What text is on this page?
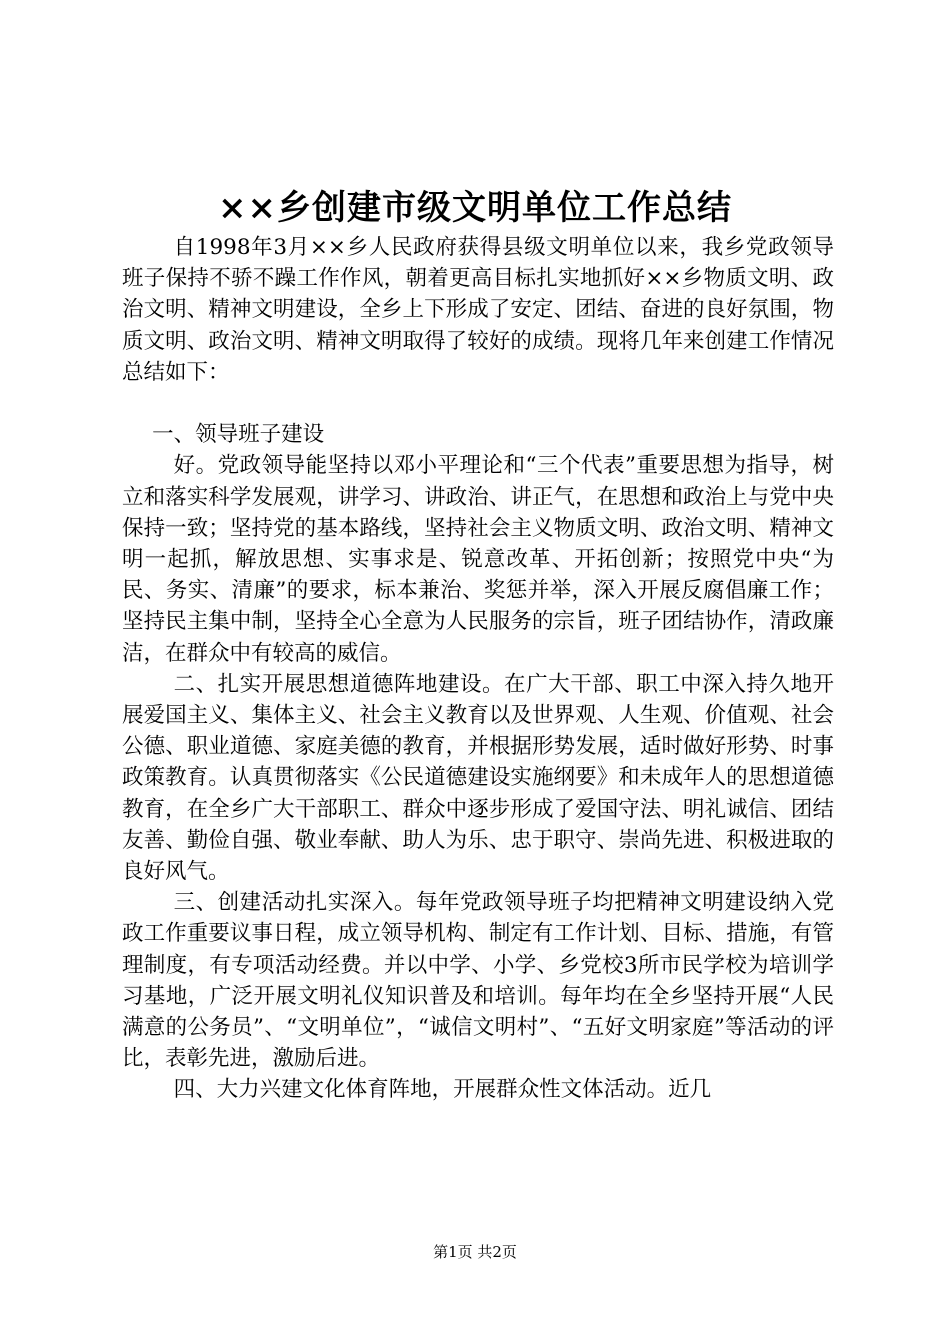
××乡创建市级文明单位工作总结

自1998年3月××乡人民政府获得县级文明单位以来，我乡党政领导班子保持不骄不躁工作作风，朝着更高目标扎实地抓好××乡物质文明、政治文明、精神文明建设，全乡上下形成了安定、团结、奋进的良好氛围，物质文明、政治文明、精神文明取得了较好的成绩。现将几年来创建工作情况总结如下：

一、领导班子建设

好。党政领导能坚持以邓小平理论和“三个代表”重要思想为指导，树立和落实科学发展观，讲学习、讲政治、讲正气，在思想和政治上与党中央保持一致；坚持党的基本路线，坚持社会主义物质文明、政治文明、精神文明一起抓，解放思想、实事求是、锐意改革、开拓创新；按照党中央“为民、务实、清廉”的要求，标本兼治、奖惩并举，深入开展反腐倡廉工作；坚持民主集中制，坚持全心全意为人民服务的宗旨，班子团结协作，清政廉洁，在群众中有较高的威信。

二、扎实开展思想道德阵地建设。在广大干部、职工中深入持久地开展爱国主义、集体主义、社会主义教育以及世界观、人生观、价值观、社会公德、职业道德、家庭美德的教育，并根据形势发展，适时做好形势、时事政策教育。认真贯彻落实《公民道德建设实施纲要》和未成年人的思想道德教育，在全乡广大干部职工、群众中逐步形成了爱国守法、明礼诚信、团结友善、勤俭自强、敬业奉献、助人为乐、忠于职守、崇尚先进、积极进取的良好风气。

三、创建活动扎实深入。每年党政领导班子均把精神文明建设纳入党政工作重要议事日程，成立领导机构、制定有工作计划、目标、措施，有管理制度，有专项活动经费。并以中学、小学、乡党校3所市民学校为培训学习基地，广泛开展文明礼仪知识普及和培训。每年均在全乡坚持开展“人民满意的公务员”、“文明单位”，“诚信文明村”、“五好文明家庭”等活动的评比，表彰先进，激励后进。

四、大力兴建文化体育阵地，开展群众性文体活动。近几

第1页 共2页
